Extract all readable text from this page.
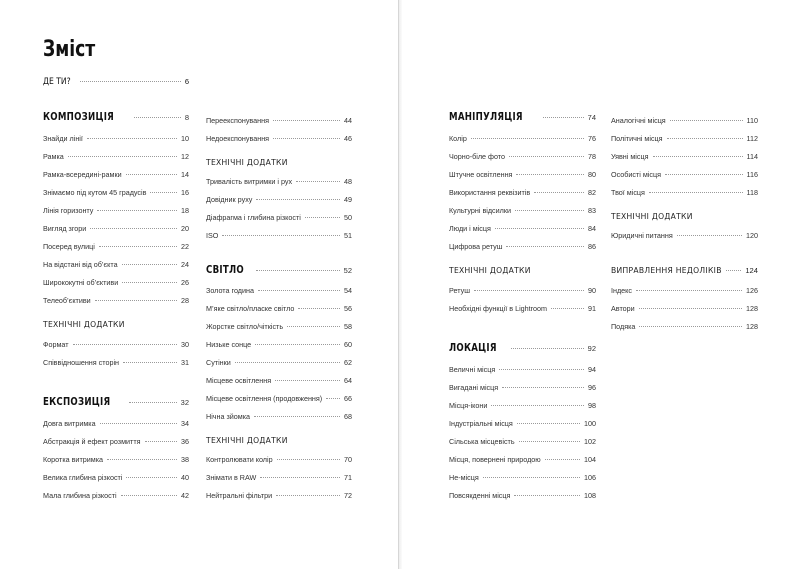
Зміст
ДЕ ТИ?	6
КОМПОЗИЦІЯ	8
Знайди лінії	10
Рамка	12
Рамка-всередині-рамки	14
Знімаємо під кутом 45 градусів	16
Лінія горизонту	18
Вигляд згори	20
Посеред вулиці	22
На відстані від об’єкта	24
Ширококутні об’єктиви	26
Телеоб’єктиви	28
ТЕХНІЧНІ ДОДАТКИ
Формат	30
Співвідношення сторін	31
ЕКСПОЗИЦІЯ	32
Довга витримка	34
Абстракція й ефект розмиття	36
Коротка витримка	38
Велика глибина різкості	40
Мала глибина різкості	42
Переекспонування	44
Недоекспонування	46
ТЕХНІЧНІ ДОДАТКИ
Тривалість витримки і рух	48
Довідник руху	49
Діафрагма і глибина різкості	50
ISO	51
СВІТЛО	52
Золота година	54
М’яке світло/пласке світло	56
Жорстке світло/чіткість	58
Низьке сонце	60
Сутінки	62
Місцеве освітлення	64
Місцеве освітлення (продовження)	66
Нічна зйомка	68
ТЕХНІЧНІ ДОДАТКИ
Контролювати колір	70
Знімати в RAW	71
Нейтральні фільтри	72
МАНІПУЛЯЦІЯ	74
Колір	76
Чорно-біле фото	78
Штучне освітлення	80
Використання реквізитів	82
Культурні відсилки	83
Люди і місця	84
Цифрова ретуш	86
ТЕХНІЧНІ ДОДАТКИ
Ретуш	90
Необхідні функції в Lightroom	91
ЛОКАЦІЯ	92
Величні місця	94
Вигадані місця	96
Місця-ікони	98
Індустріальні місця	100
Сільська місцевість	102
Місця, повернені природою	104
Не-місця	106
Повсякденні місця	108
Аналогічні місця	110
Політичні місця	112
Уявні місця	114
Особисті місця	116
Твої місця	118
ТЕХНІЧНІ ДОДАТКИ
Юридичні питання	120
ВИПРАВЛЕННЯ НЕДОЛІКІВ	124
Індекс	126
Автори	128
Подяка	128
